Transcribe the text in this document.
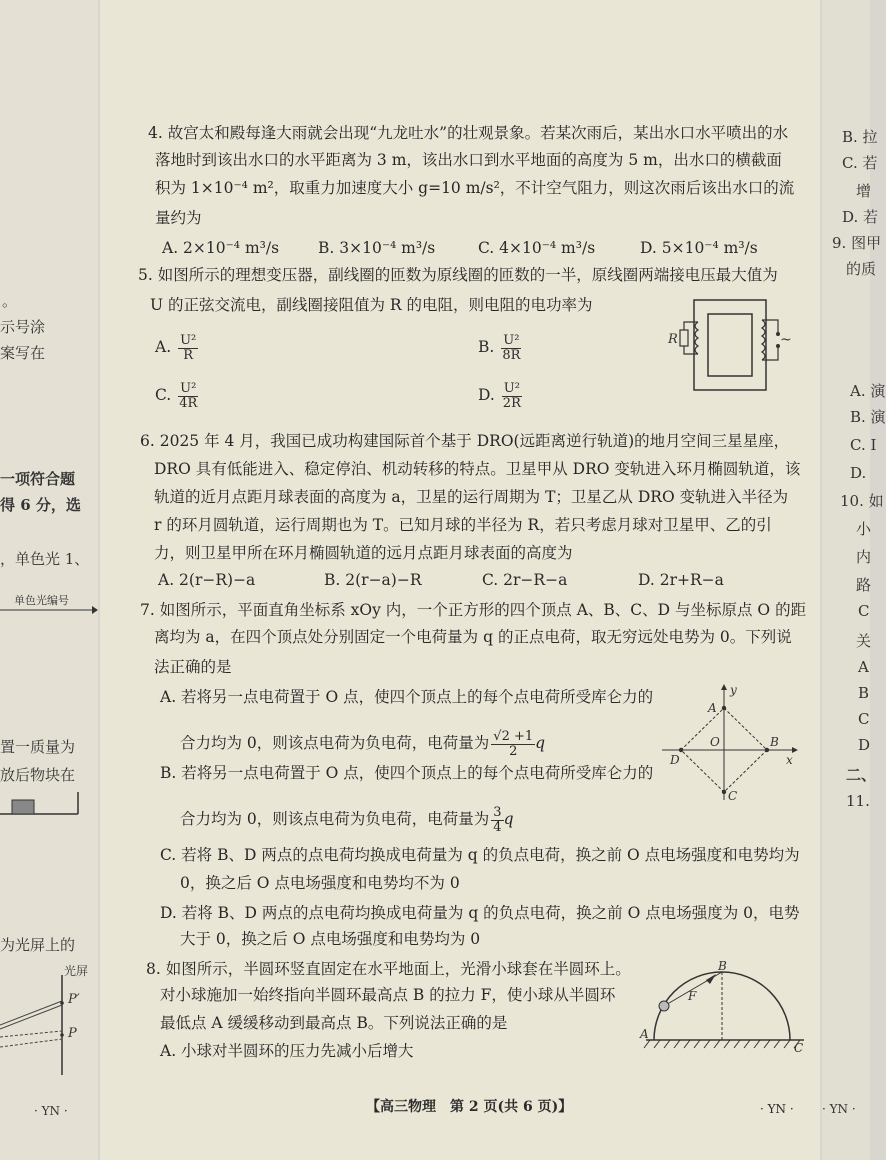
。
示号涂
案写在
一项符合题
得 6 分，选
，单色光 1、
单色光编号
置一质量为
放后物块在
为光屏上的
光屏
P′
P
· YN ·
B. 拉
C. 若
增
D. 若
9. 图甲
的质
A. 演
B. 演
C. I
D.
10. 如
小
内
路
C
关
A
B
C
D
二、
11.
· YN ·
4. 故宫太和殿每逢大雨就会出现“九龙吐水”的壮观景象。若某次雨后，某出水口水平喷出的水
落地时到该出水口的水平距离为 3 m，该出水口到水平地面的高度为 5 m，出水口的横截面
积为 1×10⁻⁴ m²，取重力加速度大小 g=10 m/s²，不计空气阻力，则这次雨后该出水口的流
量约为
A. 2×10⁻⁴ m³/s	B. 3×10⁻⁴ m³/s	C. 4×10⁻⁴ m³/s	D. 5×10⁻⁴ m³/s
5. 如图所示的理想变压器，副线圈的匝数为原线圈的匝数的一半，原线圈两端接电压最大值为
U 的正弦交流电，副线圈接阻值为 R 的电阻，则电阻的电功率为
A. $\frac{\text{U²}}{R}$	B. $\frac{\text{U²}}{8R}$
C. $\frac{\text{U²}}{4R}$	D. $\frac{\text{U²}}{2R}$
R	~
6. 2025 年 4 月，我国已成功构建国际首个基于 DRO(远距离逆行轨道)的地月空间三星星座，
DRO 具有低能进入、稳定停泊、机动转移的特点。卫星甲从 DRO 变轨进入环月椭圆轨道，该
轨道的近月点距月球表面的高度为 a，卫星的运行周期为 T；卫星乙从 DRO 变轨进入半径为
r 的环月圆轨道，运行周期也为 T。已知月球的半径为 R，若只考虑月球对卫星甲、乙的引
力，则卫星甲所在环月椭圆轨道的远月点距月球表面的高度为
A. 2(r−R)−a	B. 2(r−a)−R	C. 2r−R−a	D. 2r+R−a
7. 如图所示，平面直角坐标系 xOy 内，一个正方形的四个顶点 A、B、C、D 与坐标原点 O 的距
离均为 a，在四个顶点处分别固定一个电荷量为 q 的正点电荷，取无穷远处电势为 0。下列说
法正确的是
A. 若将另一点电荷置于 O 点，使四个顶点上的每个点电荷所受库仑力的
合力均为 0，则该点电荷为负电荷，电荷量为 $\frac{√2 +1}{2}$ q
B. 若将另一点电荷置于 O 点，使四个顶点上的每个点电荷所受库仑力的
合力均为 0，则该点电荷为负电荷，电荷量为 $\frac{3}{4}$ q
C. 若将 B、D 两点的点电荷均换成电荷量为 q 的负点电荷，换之前 O 点电场强度和电势均为
0，换之后 O 点电场强度和电势均不为 0
D. 若将 B、D 两点的点电荷均换成电荷量为 q 的负点电荷，换之前 O 点电场强度为 0，电势
大于 0，换之后 O 点电场强度和电势均为 0
A
B
C
D
O
x
y
8. 如图所示，半圆环竖直固定在水平地面上，光滑小球套在半圆环上。
对小球施加一始终指向半圆环最高点 B 的拉力 F，使小球从半圆环
最低点 A 缓缓移动到最高点 B。下列说法正确的是
A. 小球对半圆环的压力先减小后增大
B
A
C
F
【高三物理　第 2 页(共 6 页)】	· YN ·
